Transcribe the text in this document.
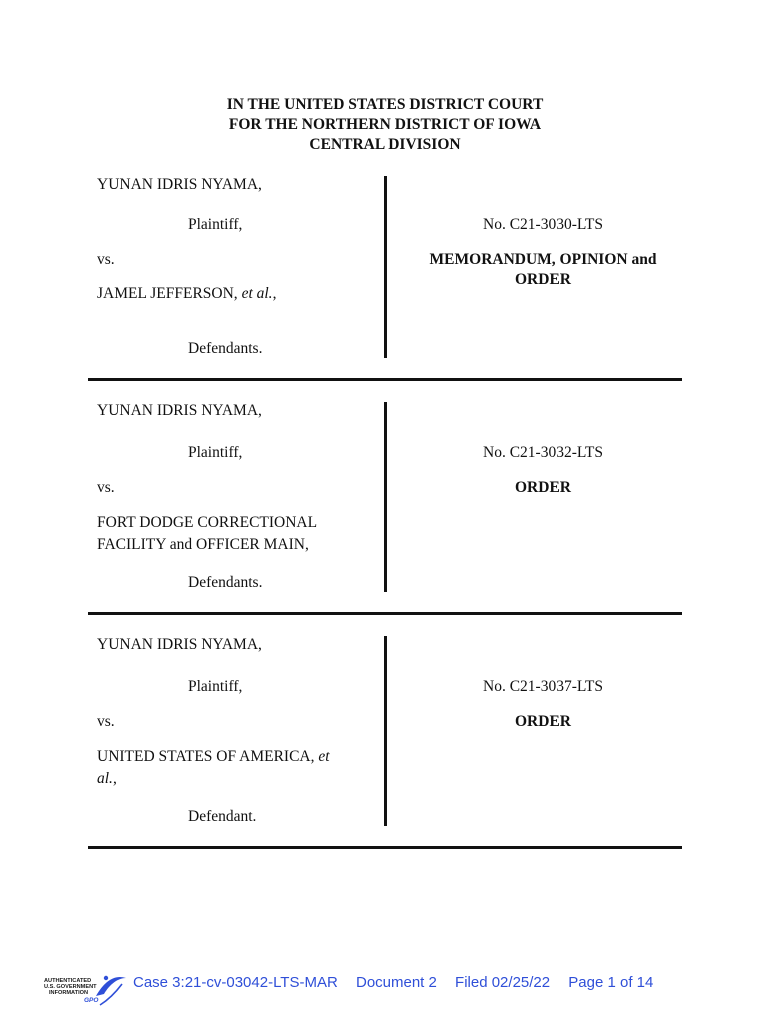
IN THE UNITED STATES DISTRICT COURT
FOR THE NORTHERN DISTRICT OF IOWA
CENTRAL DIVISION
YUNAN IDRIS NYAMA,
Plaintiff,
vs.
JAMEL JEFFERSON, et al.,
Defendants.
No. C21-3030-LTS
MEMORANDUM, OPINION and
ORDER
YUNAN IDRIS NYAMA,
Plaintiff,
vs.
FORT DODGE CORRECTIONAL
FACILITY and OFFICER MAIN,
Defendants.
No. C21-3032-LTS
ORDER
YUNAN IDRIS NYAMA,
Plaintiff,
vs.
UNITED STATES OF AMERICA, et
al.,
Defendant.
No. C21-3037-LTS
ORDER
AUTHENTICATED
U.S. GOVERNMENT
INFORMATION
GPO
Case 3:21-cv-03042-LTS-MAR Document 2 Filed 02/25/22 Page 1 of 14
